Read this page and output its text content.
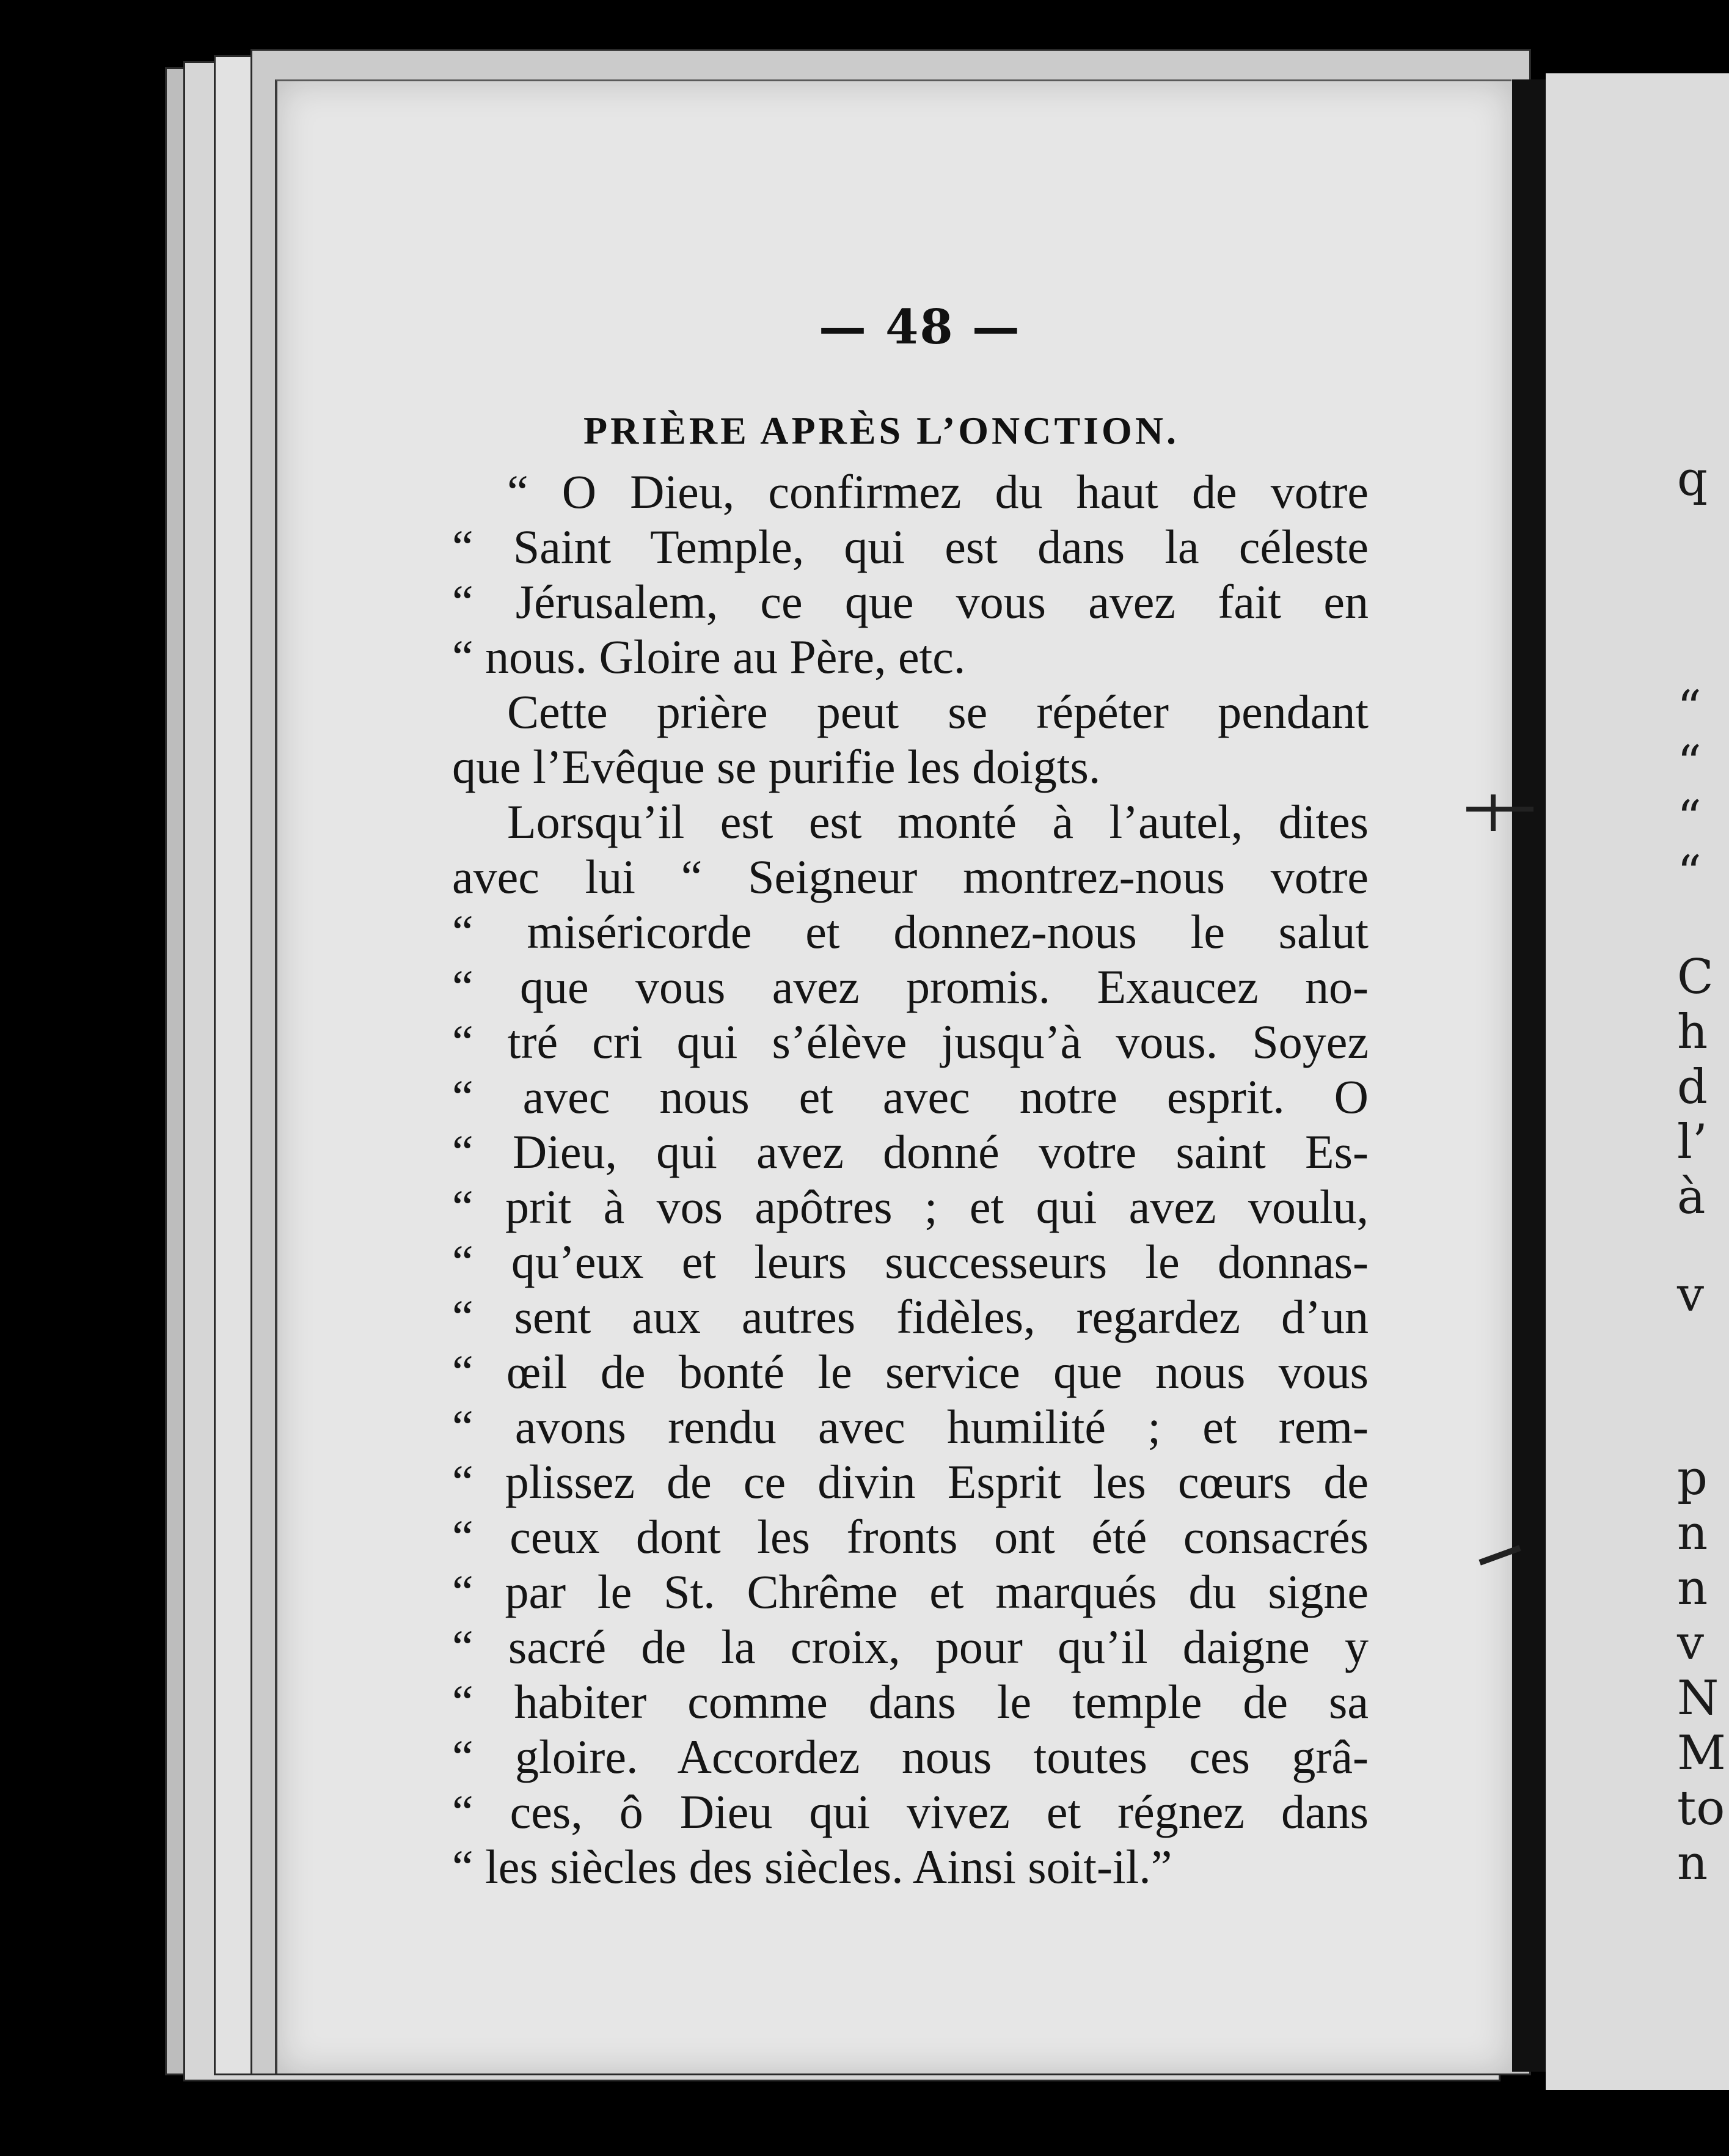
— 48 —
PRIÈRE APRÈS L’ONCTION.
“ O Dieu, confirmez du haut de votre
“ Saint Temple, qui est dans la céleste
“ Jérusalem, ce que vous avez fait en
“ nous. Gloire au Père, etc.
Cette prière peut se répéter pendant
que l’Evêque se purifie les doigts.
Lorsqu’il est est monté à l’autel, dites
avec lui “ Seigneur montrez-nous votre
“ miséricorde et donnez-nous le salut
“ que vous avez promis. Exaucez no-
“ tré cri qui s’élève jusqu’à vous. Soyez
“ avec nous et avec notre esprit. O
“ Dieu, qui avez donné votre saint Es-
“ prit à vos apôtres ; et qui avez voulu,
“ qu’eux et leurs successeurs le donnas-
“ sent aux autres fidèles, regardez d’un
“ œil de bonté le service que nous vous
“ avons rendu avec humilité ; et rem-
“ plissez de ce divin Esprit les cœurs de
“ ceux dont les fronts ont été consacrés
“ par le St. Chrême et marqués du signe
“ sacré de la croix, pour qu’il daigne y
“ habiter comme dans le temple de sa
“ gloire. Accordez nous toutes ces grâ-
“ ces, ô Dieu qui vivez et régnez dans
“ les siècles des siècles. Ainsi soit-il.”
q
“
“
“
“
C
h
d
l’
à
v
p
n
n
v
N
M
to
n
